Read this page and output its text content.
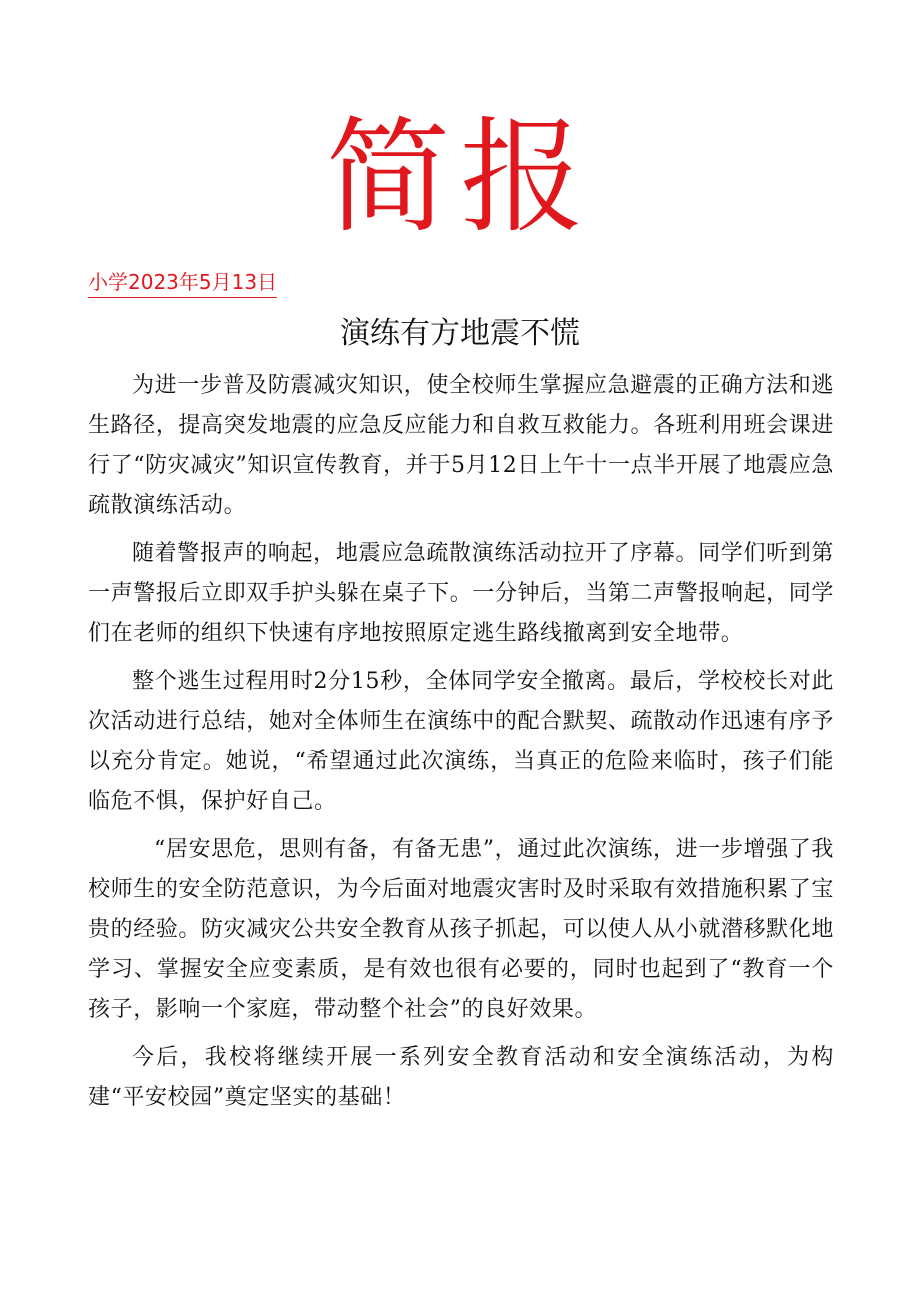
简报
小学2023年5月13日
演练有方地震不慌

为进一步普及防震减灾知识，使全校师生掌握应急避震的正确方法和逃生路径，提高突发地震的应急反应能力和自救互救能力。各班利用班会课进行了“防灾减灾”知识宣传教育，并于5月12日上午十一点半开展了地震应急疏散演练活动。

随着警报声的响起，地震应急疏散演练活动拉开了序幕。同学们听到第一声警报后立即双手护头躲在桌子下。一分钟后，当第二声警报响起，同学们在老师的组织下快速有序地按照原定逃生路线撤离到安全地带。

整个逃生过程用时2分15秒，全体同学安全撤离。最后，学校校长对此次活动进行总结，她对全体师生在演练中的配合默契、疏散动作迅速有序予以充分肯定。她说，“希望通过此次演练，当真正的危险来临时，孩子们能临危不惧，保护好自己。

“居安思危，思则有备，有备无患”，通过此次演练，进一步增强了我校师生的安全防范意识，为今后面对地震灾害时及时采取有效措施积累了宝贵的经验。防灾减灾公共安全教育从孩子抓起，可以使人从小就潜移默化地学习、掌握安全应变素质，是有效也很有必要的，同时也起到了“教育一个孩子，影响一个家庭，带动整个社会”的良好效果。

今后，我校将继续开展一系列安全教育活动和安全演练活动，为构建“平安校园”奠定坚实的基础！
